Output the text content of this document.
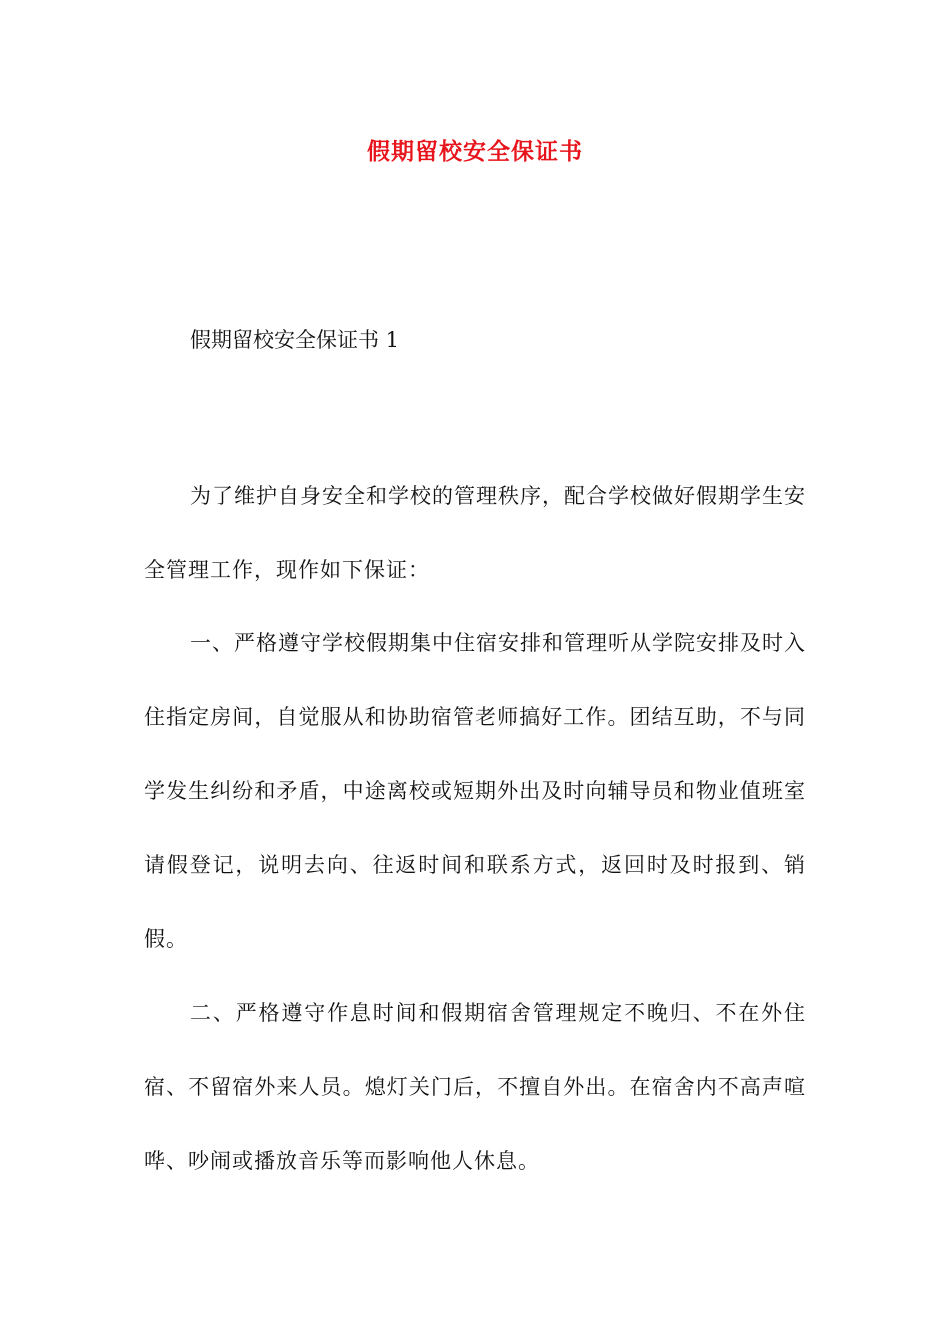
假期留校安全保证书
假期留校安全保证书 1

为了维护自身安全和学校的管理秩序，配合学校做好假期学生安全管理工作，现作如下保证：

一、严格遵守学校假期集中住宿安排和管理听从学院安排及时入住指定房间，自觉服从和协助宿管老师搞好工作。团结互助，不与同学发生纠纷和矛盾，中途离校或短期外出及时向辅导员和物业值班室请假登记，说明去向、往返时间和联系方式，返回时及时报到、销假。

二、严格遵守作息时间和假期宿舍管理规定不晚归、不在外住宿、不留宿外来人员。熄灯关门后，不擅自外出。在宿舍内不高声喧哗、吵闹或播放音乐等而影响他人休息。
